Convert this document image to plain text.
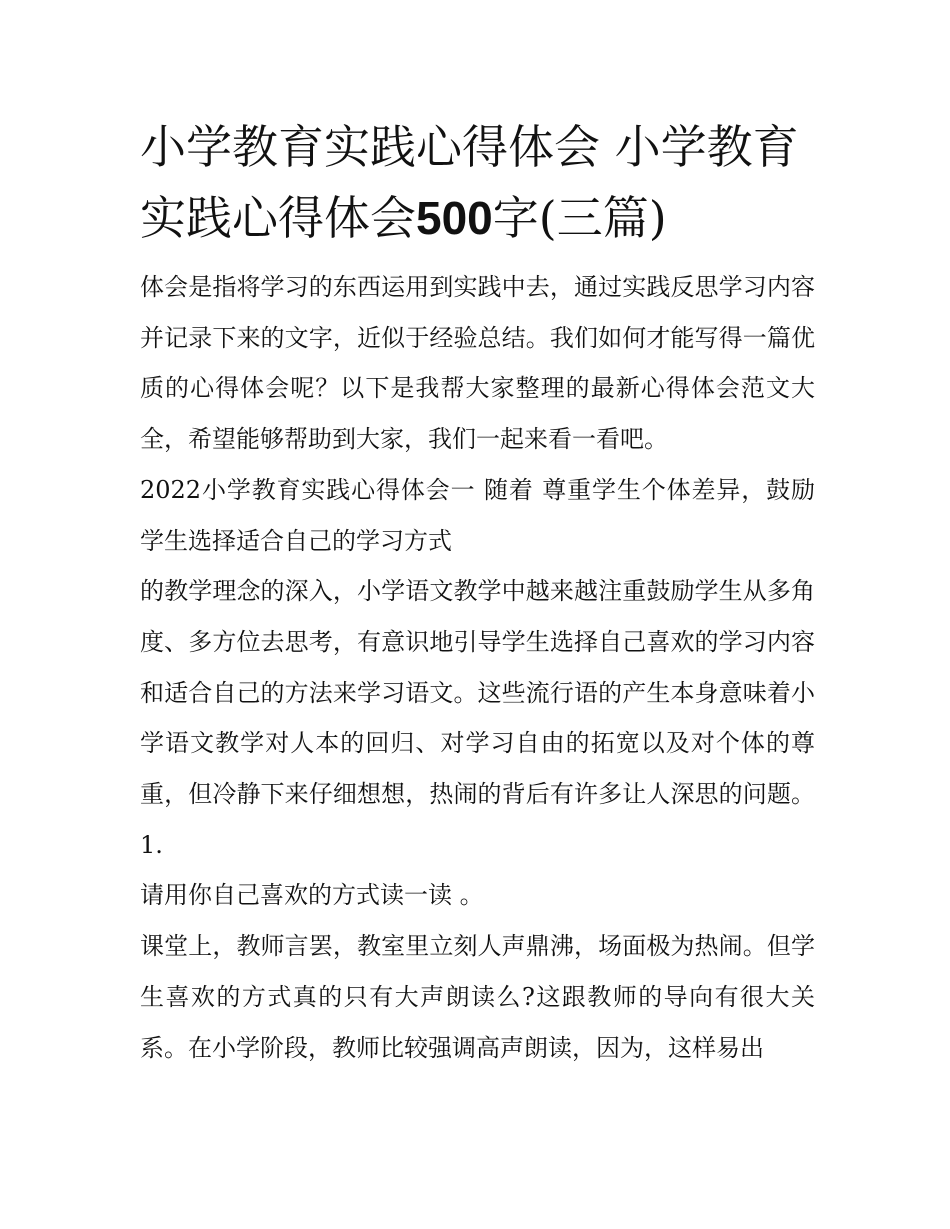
小学教育实践心得体会 小学教育实践心得体会500字(三篇)

体会是指将学习的东西运用到实践中去，通过实践反思学习内容并记录下来的文字，近似于经验总结。我们如何才能写得一篇优质的心得体会呢？以下是我帮大家整理的最新心得体会范文大全，希望能够帮助到大家，我们一起来看一看吧。

2022小学教育实践心得体会一 随着 尊重学生个体差异，鼓励学生选择适合自己的学习方式

的教学理念的深入，小学语文教学中越来越注重鼓励学生从多角度、多方位去思考，有意识地引导学生选择自己喜欢的学习内容和适合自己的方法来学习语文。这些流行语的产生本身意味着小学语文教学对人本的回归、对学习自由的拓宽以及对个体的尊重，但冷静下来仔细想想，热闹的背后有许多让人深思的问题。1.

请用你自己喜欢的方式读一读 。

课堂上，教师言罢，教室里立刻人声鼎沸，场面极为热闹。但学生喜欢的方式真的只有大声朗读么?这跟教师的导向有很大关系。在小学阶段，教师比较强调高声朗读，因为，这样易出
